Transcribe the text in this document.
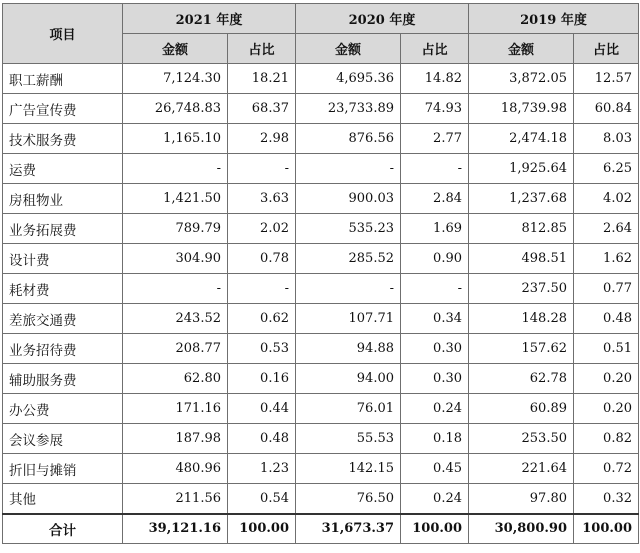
项目	2021 年度		2020 年度		2019 年度	
	金额	占比	金额	占比	金额	占比
职工薪酬	7,124.30	18.21	4,695.36	14.82	3,872.05	12.57
广告宣传费	26,748.83	68.37	23,733.89	74.93	18,739.98	60.84
技术服务费	1,165.10	2.98	876.56	2.77	2,474.18	8.03
运费	-	-	-	-	1,925.64	6.25
房租物业	1,421.50	3.63	900.03	2.84	1,237.68	4.02
业务拓展费	789.79	2.02	535.23	1.69	812.85	2.64
设计费	304.90	0.78	285.52	0.90	498.51	1.62
耗材费	-	-	-	-	237.50	0.77
差旅交通费	243.52	0.62	107.71	0.34	148.28	0.48
业务招待费	208.77	0.53	94.88	0.30	157.62	0.51
辅助服务费	62.80	0.16	94.00	0.30	62.78	0.20
办公费	171.16	0.44	76.01	0.24	60.89	0.20
会议参展	187.98	0.48	55.53	0.18	253.50	0.82
折旧与摊销	480.96	1.23	142.15	0.45	221.64	0.72
其他	211.56	0.54	76.50	0.24	97.80	0.32
合计	39,121.16	100.00	31,673.37	100.00	30,800.90	100.00
